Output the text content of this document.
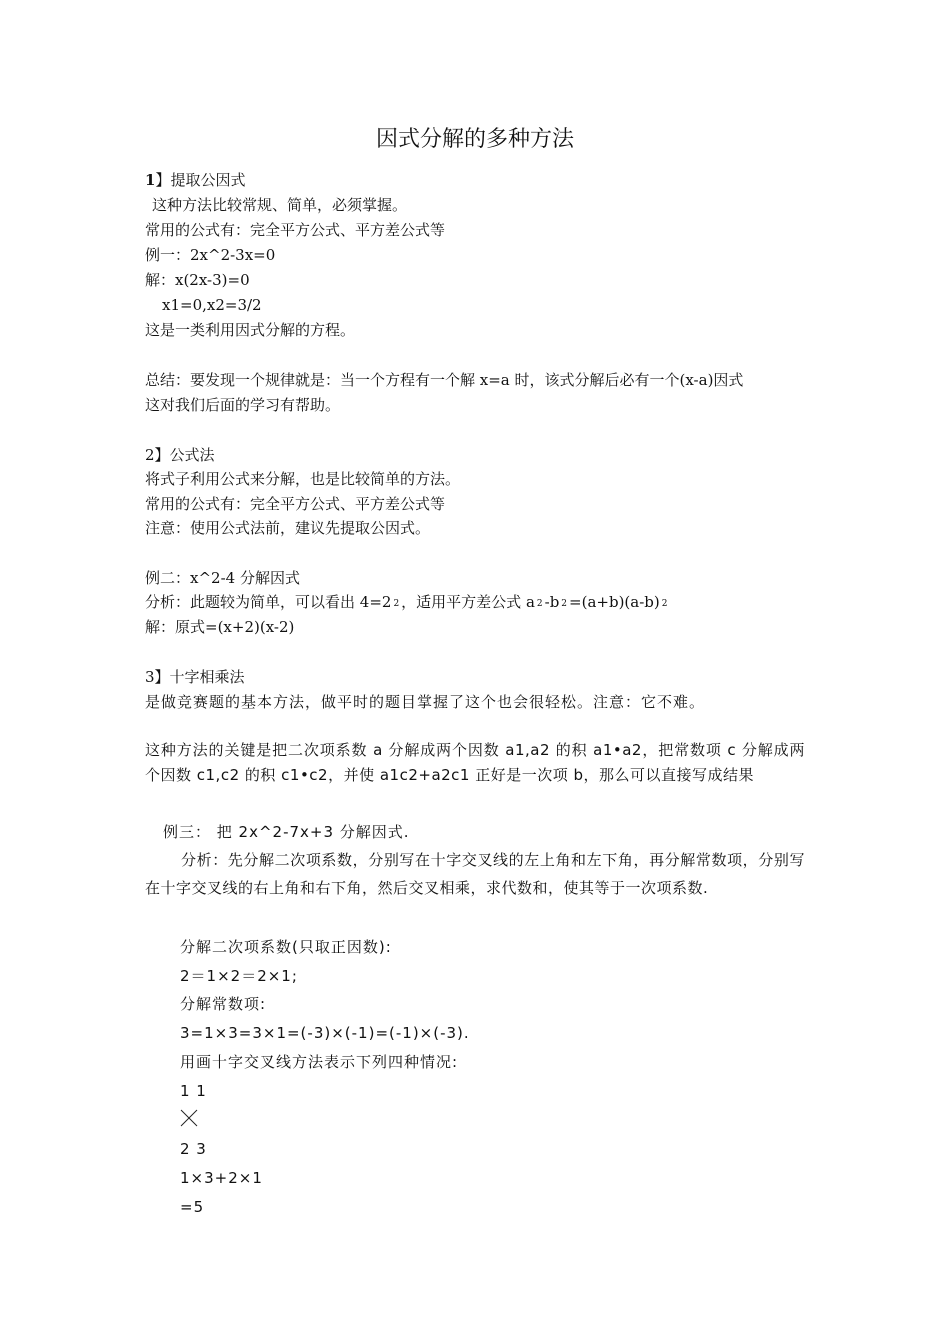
因式分解的多种方法
1】提取公因式
这种方法比较常规、简单，必须掌握。
常用的公式有：完全平方公式、平方差公式等
例一：2x^2-3x=0
解：x(2x-3)=0
x1=0,x2=3/2
这是一类利用因式分解的方程。
总结：要发现一个规律就是：当一个方程有一个解 x=a 时，该式分解后必有一个(x-a)因式
这对我们后面的学习有帮助。
2】公式法
将式子利用公式来分解，也是比较简单的方法。
常用的公式有：完全平方公式、平方差公式等
注意：使用公式法前，建议先提取公因式。
例二：x^2-4 分解因式
分析：此题较为简单，可以看出 4=2 $^2$ ，适用平方差公式 a $^2$ -b $^2$ =(a+b)(a-b) $^2$
解：原式=(x+2)(x-2)
3】十字相乘法
是做竞赛题的基本方法，做平时的题目掌握了这个也会很轻松。注意：它不难。
这种方法的关键是把二次项系数 a 分解成两个因数 a1,a2 的积 a1•a2，把常数项 c 分解成两个因数 c1,c2 的积 c1•c2，并使 a1c2+a2c1 正好是一次项 b，那么可以直接写成结果
例三： 把 2x^2-7x+3 分解因式.
分析：先分解二次项系数，分别写在十字交叉线的左上角和左下角，再分解常数项，分别写在十字交叉线的右上角和右下角，然后交叉相乘，求代数和，使其等于一次项系数.
分解二次项系数(只取正因数):
2＝1×2＝2×1;
分解常数项:
3=1×3=3×1=(-3)×(-1)=(-1)×(-3).
用画十字交叉线方法表示下列四种情况:
1 1
2 3
1×3+2×1
=5
